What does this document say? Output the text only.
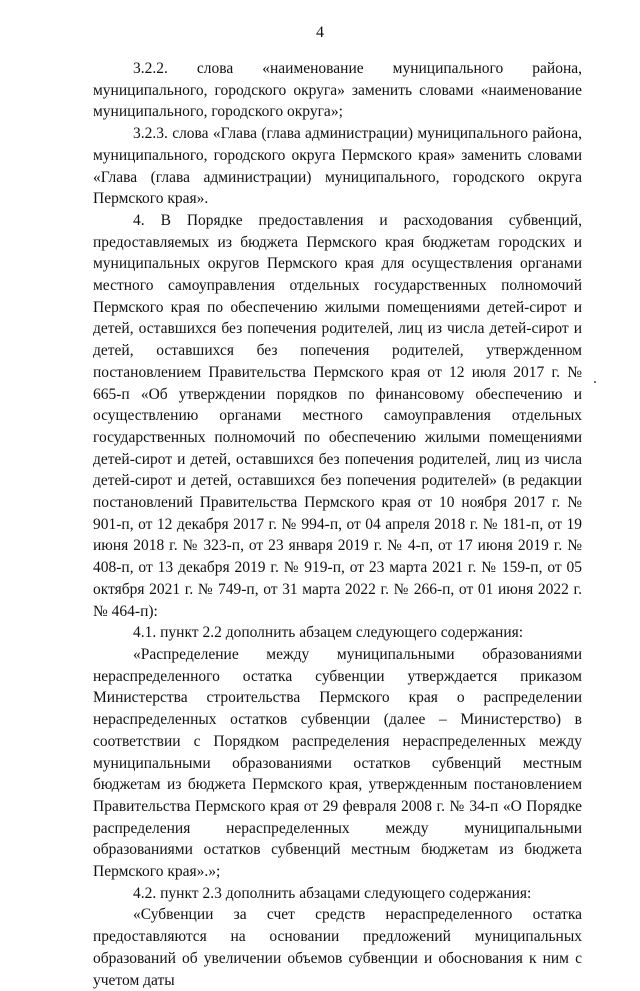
4

3.2.2. слова «наименование муниципального района, муниципального, городского округа» заменить словами «наименование муниципального, городского округа»;

3.2.3. слова «Глава (глава администрации) муниципального района, муниципального, городского округа Пермского края» заменить словами «Глава (глава администрации) муниципального, городского округа Пермского края».

4. В Порядке предоставления и расходования субвенций, предоставляемых из бюджета Пермского края бюджетам городских и муниципальных округов Пермского края для осуществления органами местного самоуправления отдельных государственных полномочий Пермского края по обеспечению жилыми помещениями детей-сирот и детей, оставшихся без попечения родителей, лиц из числа детей-сирот и детей, оставшихся без попечения родителей, утвержденном постановлением Правительства Пермского края от 12 июля 2017 г. № 665-п «Об утверждении порядков по финансовому обеспечению и осуществлению органами местного самоуправления отдельных государственных полномочий по обеспечению жилыми помещениями детей-сирот и детей, оставшихся без попечения родителей, лиц из числа детей-сирот и детей, оставшихся без попечения родителей» (в редакции постановлений Правительства Пермского края от 10 ноября 2017 г. № 901-п, от 12 декабря 2017 г. № 994-п, от 04 апреля 2018 г. № 181-п, от 19 июня 2018 г. № 323-п, от 23 января 2019 г. № 4-п, от 17 июня 2019 г. № 408-п, от 13 декабря 2019 г. № 919-п, от 23 марта 2021 г. № 159-п, от 05 октября 2021 г. № 749-п, от 31 марта 2022 г. № 266-п, от 01 июня 2022 г. № 464-п):

4.1. пункт 2.2 дополнить абзацем следующего содержания:

«Распределение между муниципальными образованиями нераспределенного остатка субвенции утверждается приказом Министерства строительства Пермского края о распределении нераспределенных остатков субвенции (далее – Министерство) в соответствии с Порядком распределения нераспределенных между муниципальными образованиями остатков субвенций местным бюджетам из бюджета Пермского края, утвержденным постановлением Правительства Пермского края от 29 февраля 2008 г. № 34-п «О Порядке распределения нераспределенных между муниципальными образованиями остатков субвенций местным бюджетам из бюджета Пермского края».»;

4.2. пункт 2.3 дополнить абзацами следующего содержания:

«Субвенции за счет средств нераспределенного остатка предоставляются на основании предложений муниципальных образований об увеличении объемов субвенции и обоснования к ним с учетом даты
